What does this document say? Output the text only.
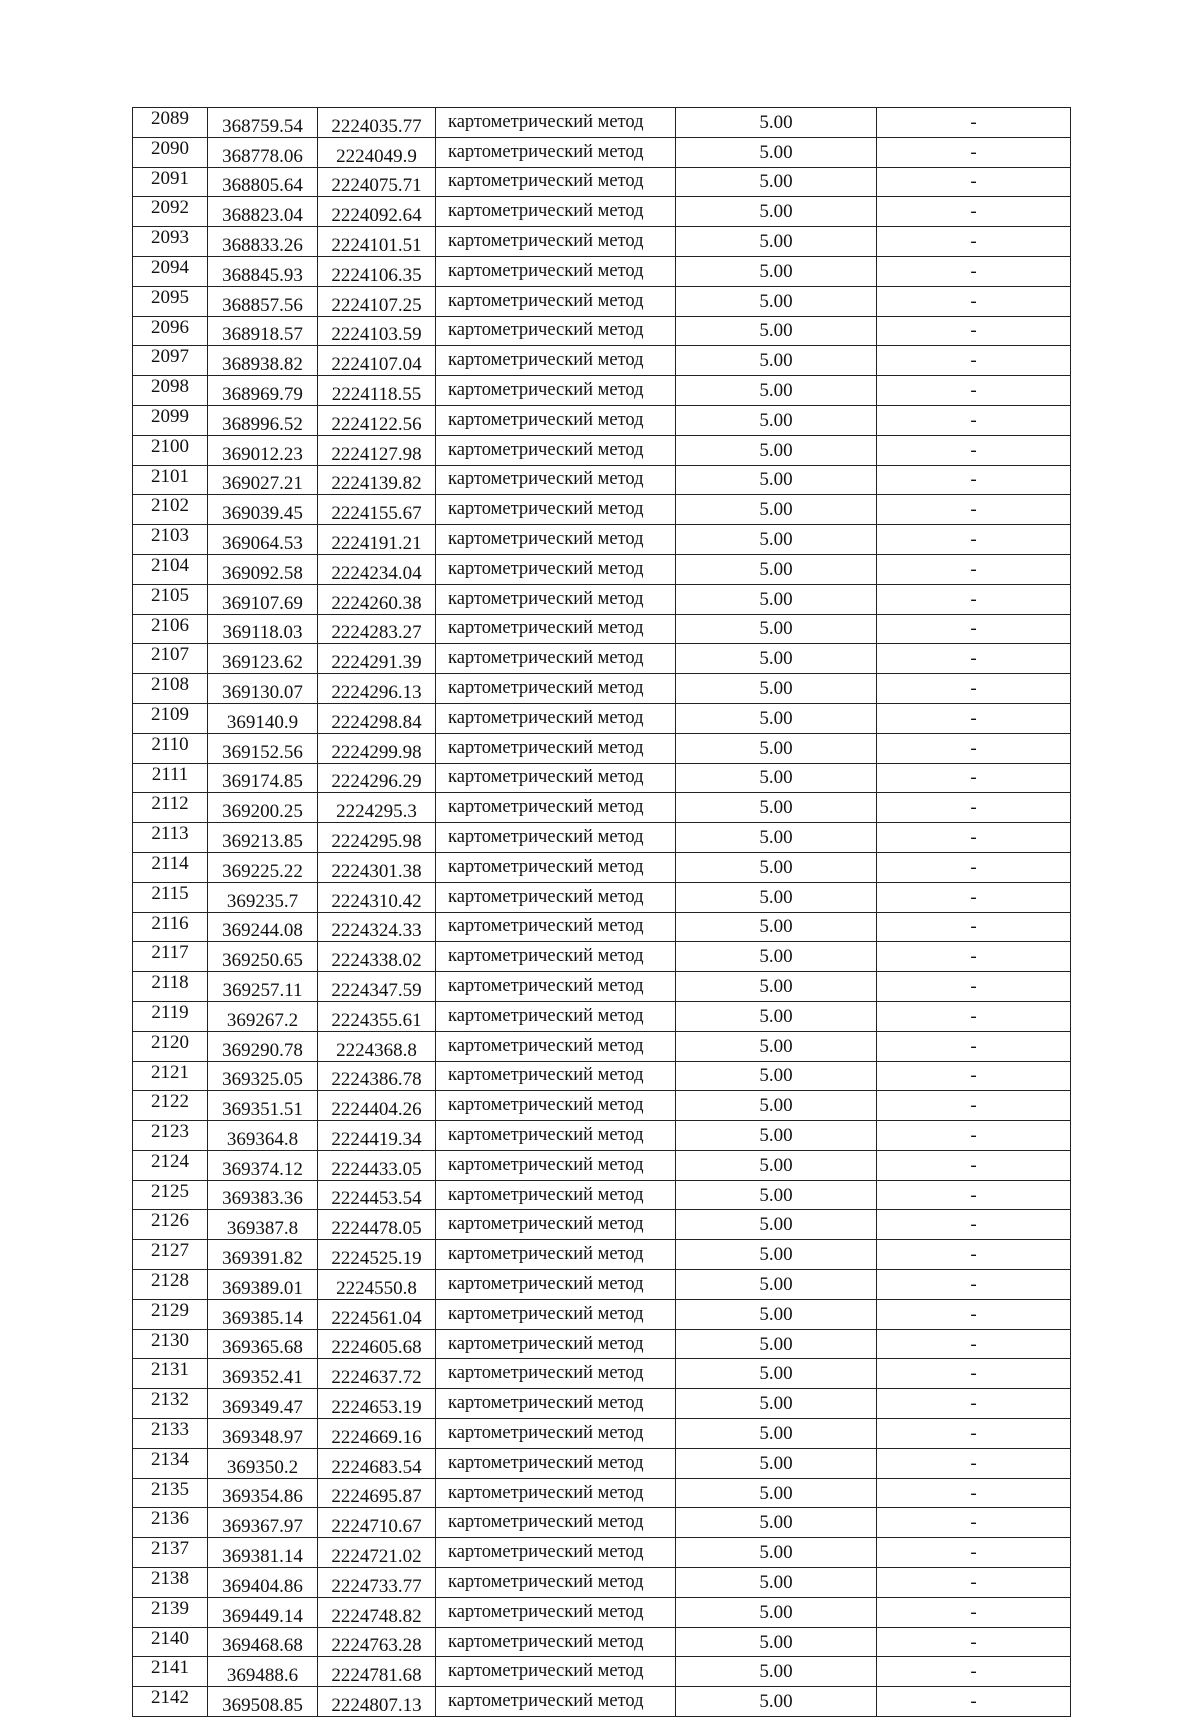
2089	368759.54	2224035.77	картометрический метод	5.00	-
2090	368778.06	2224049.9	картометрический метод	5.00	-
2091	368805.64	2224075.71	картометрический метод	5.00	-
2092	368823.04	2224092.64	картометрический метод	5.00	-
2093	368833.26	2224101.51	картометрический метод	5.00	-
2094	368845.93	2224106.35	картометрический метод	5.00	-
2095	368857.56	2224107.25	картометрический метод	5.00	-
2096	368918.57	2224103.59	картометрический метод	5.00	-
2097	368938.82	2224107.04	картометрический метод	5.00	-
2098	368969.79	2224118.55	картометрический метод	5.00	-
2099	368996.52	2224122.56	картометрический метод	5.00	-
2100	369012.23	2224127.98	картометрический метод	5.00	-
2101	369027.21	2224139.82	картометрический метод	5.00	-
2102	369039.45	2224155.67	картометрический метод	5.00	-
2103	369064.53	2224191.21	картометрический метод	5.00	-
2104	369092.58	2224234.04	картометрический метод	5.00	-
2105	369107.69	2224260.38	картометрический метод	5.00	-
2106	369118.03	2224283.27	картометрический метод	5.00	-
2107	369123.62	2224291.39	картометрический метод	5.00	-
2108	369130.07	2224296.13	картометрический метод	5.00	-
2109	369140.9	2224298.84	картометрический метод	5.00	-
2110	369152.56	2224299.98	картометрический метод	5.00	-
2111	369174.85	2224296.29	картометрический метод	5.00	-
2112	369200.25	2224295.3	картометрический метод	5.00	-
2113	369213.85	2224295.98	картометрический метод	5.00	-
2114	369225.22	2224301.38	картометрический метод	5.00	-
2115	369235.7	2224310.42	картометрический метод	5.00	-
2116	369244.08	2224324.33	картометрический метод	5.00	-
2117	369250.65	2224338.02	картометрический метод	5.00	-
2118	369257.11	2224347.59	картометрический метод	5.00	-
2119	369267.2	2224355.61	картометрический метод	5.00	-
2120	369290.78	2224368.8	картометрический метод	5.00	-
2121	369325.05	2224386.78	картометрический метод	5.00	-
2122	369351.51	2224404.26	картометрический метод	5.00	-
2123	369364.8	2224419.34	картометрический метод	5.00	-
2124	369374.12	2224433.05	картометрический метод	5.00	-
2125	369383.36	2224453.54	картометрический метод	5.00	-
2126	369387.8	2224478.05	картометрический метод	5.00	-
2127	369391.82	2224525.19	картометрический метод	5.00	-
2128	369389.01	2224550.8	картометрический метод	5.00	-
2129	369385.14	2224561.04	картометрический метод	5.00	-
2130	369365.68	2224605.68	картометрический метод	5.00	-
2131	369352.41	2224637.72	картометрический метод	5.00	-
2132	369349.47	2224653.19	картометрический метод	5.00	-
2133	369348.97	2224669.16	картометрический метод	5.00	-
2134	369350.2	2224683.54	картометрический метод	5.00	-
2135	369354.86	2224695.87	картометрический метод	5.00	-
2136	369367.97	2224710.67	картометрический метод	5.00	-
2137	369381.14	2224721.02	картометрический метод	5.00	-
2138	369404.86	2224733.77	картометрический метод	5.00	-
2139	369449.14	2224748.82	картометрический метод	5.00	-
2140	369468.68	2224763.28	картометрический метод	5.00	-
2141	369488.6	2224781.68	картометрический метод	5.00	-
2142	369508.85	2224807.13	картометрический метод	5.00	-
